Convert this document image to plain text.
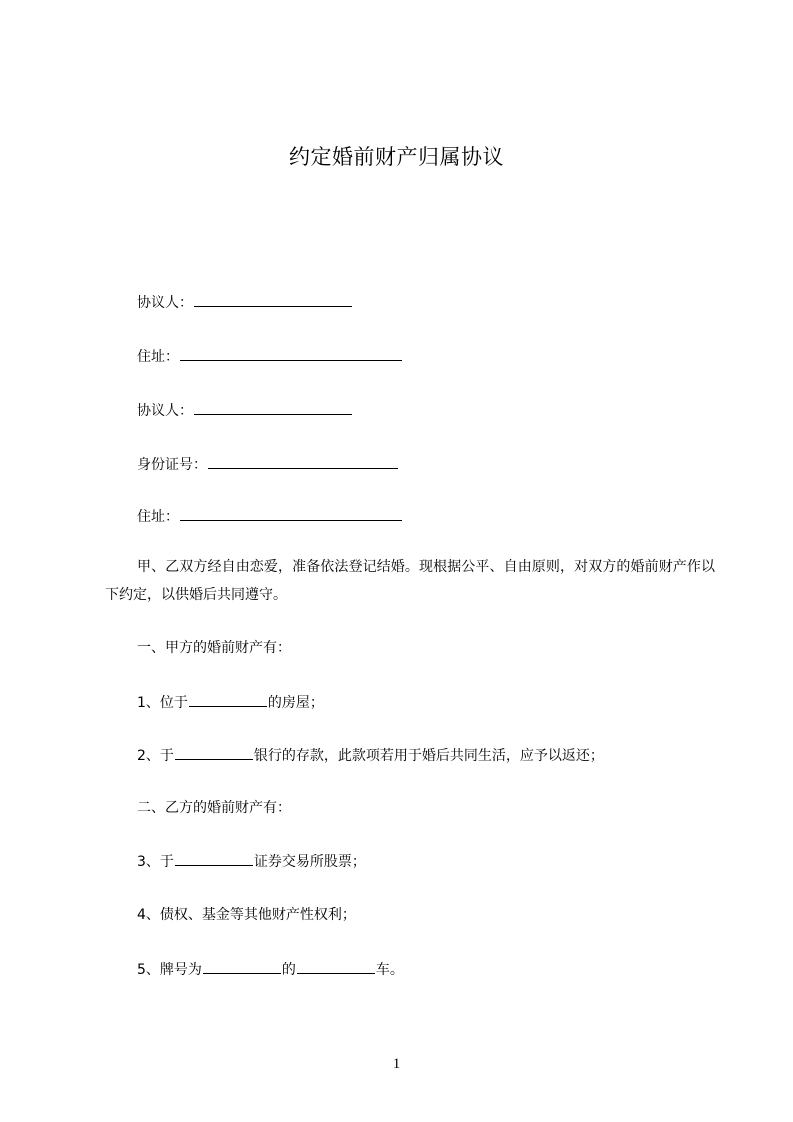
约定婚前财产归属协议
协议人：
住址：
协议人：
身份证号：
住址：
甲、乙双方经自由恋爱，准备依法登记结婚。现根据公平、自由原则，对双方的婚前财产作以下约定，以供婚后共同遵守。
一、甲方的婚前财产有：
1、位于	的房屋；
2、于	银行的存款，此款项若用于婚后共同生活，应予以返还；
二、乙方的婚前财产有：
3、于	证券交易所股票；
4、债权、基金等其他财产性权利；
5、牌号为	的	车。
1
